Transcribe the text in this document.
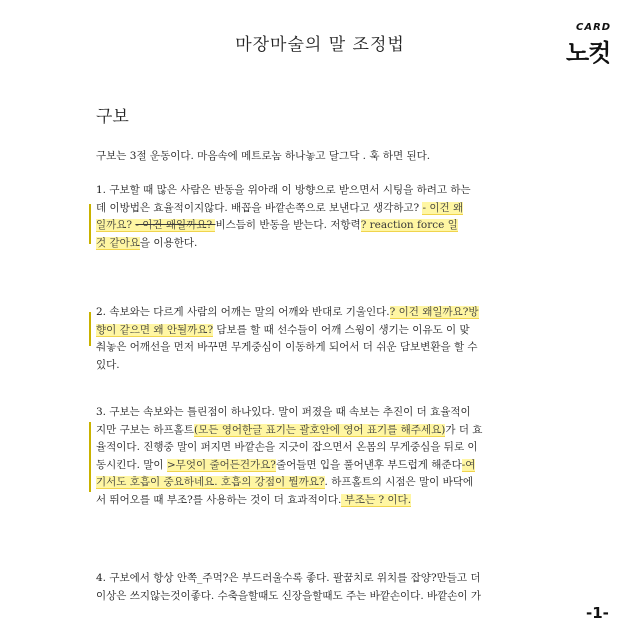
마장마술의 말 조정법
CARD
노컷
구보
구보는 3절 운동이다. 마음속에 메트로놈 하나놓고 달그닥 . 훅 하면 된다.
1. 구보할 때 많은 사람은 반동을 위아래 이 방향으로 받으면서 시팅을 하려고 하는
데 이방법은 효율적이지않다. 배꼽을 바깥손쪽으로 보낸다고 생각하고? - 이건 왜
일까요? - 이건 왜일까요? 비스듬히 반동을 받는다. 저항력? reaction force 일
것 같아요을 이용한다.
2. 속보와는 다르게 사람의 어깨는 말의 어깨와 반대로 기울인다.? 이건 왜일까요?방
향이 같으면 왜 안될까요? 담보를 할 때 선수들이 어깨 스윙이 생기는 이유도 이 맞
춰놓은 어깨선을 먼저 바꾸면 무게중심이 이동하게 되어서 더 쉬운 담보변환을 할 수
있다.
3. 구보는 속보와는 틀린점이 하나있다. 말이 퍼졌을 때 속보는 추진이 더 효율적이
지만 구보는 하프홀트(모든 영어한글 표기는 괄호안에 영어 표기를 해주세요)가 더 효
율적이다. 진행중 말이 퍼지면 바깥손을 지긋이 잡으면서 온몸의 무게중심을 뒤로 이
동시킨다. 말이 >무엇이 줄어든건가요?줄어들면 입을 풀어낸후 부드럽게 해준다-여
기서도 호흡이 중요하네요. 호흡의 강점이 뭘까요?. 하프홀트의 시점은 말이 바닥에
서 뛰어오를 때 부조?를 사용하는 것이 더 효과적이다. 부조는 ? 이다.
4. 구보에서 항상 안쪽_주먹?은 부드러울수록 좋다. 팔꿈치로 위치를 잡양?만들고 더
이상은 쓰지않는것이좋다. 수축을할때도 신장을할때도 주는 바깥손이다. 바깥손이 가
-1-
